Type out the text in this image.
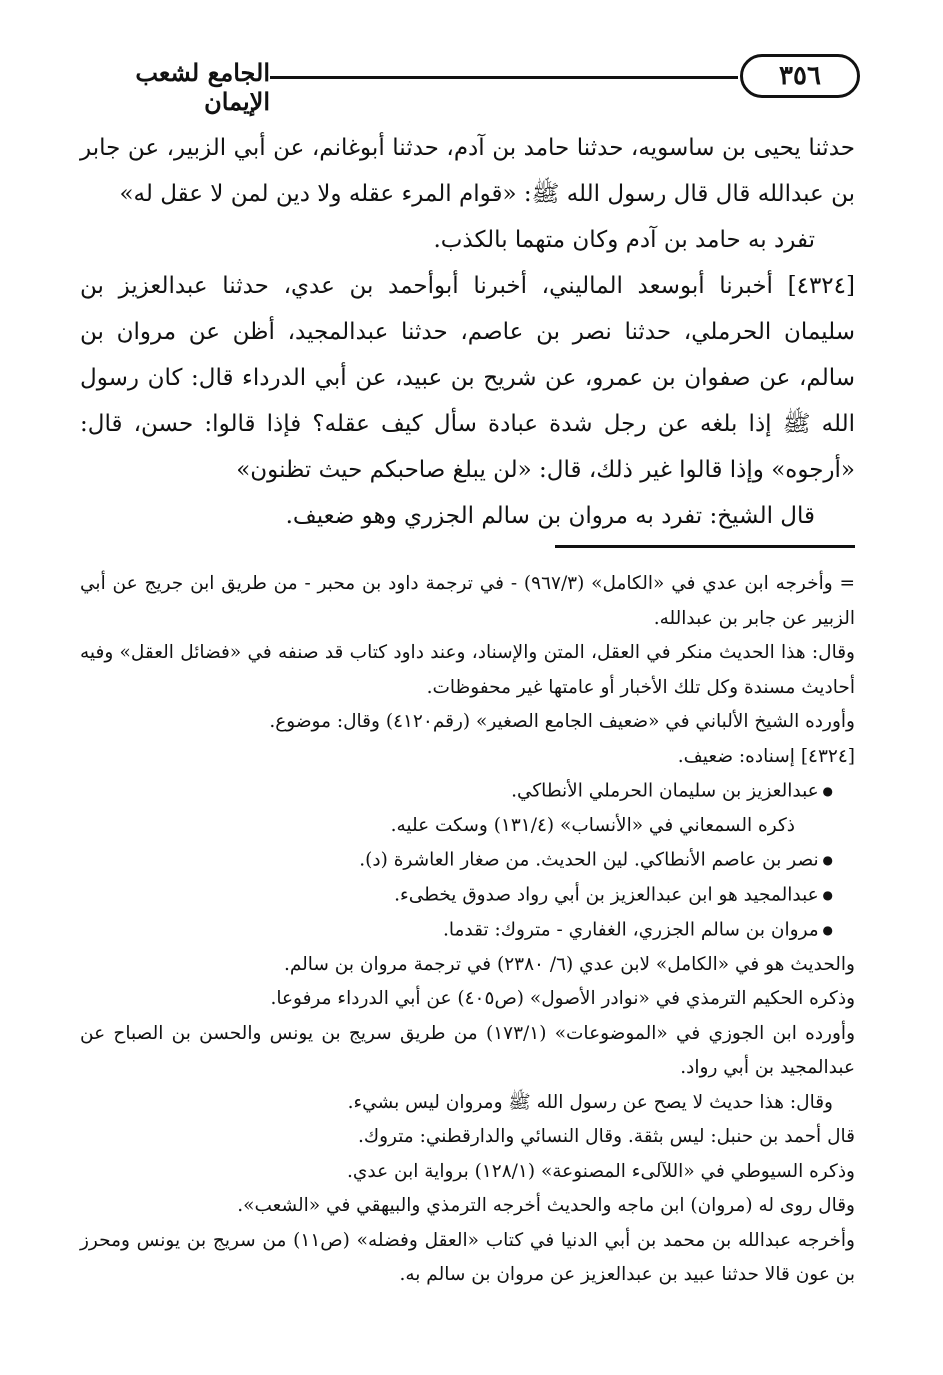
٣٥٦
الجامع لشعب الإيمان

حدثنا يحيى بن ساسويه، حدثنا حامد بن آدم، حدثنا أبوغانم، عن أبي الزبير، عن جابر بن عبدالله قال قال رسول الله ﷺ: «قوام المرء عقله ولا دين لمن لا عقل له»

تفرد به حامد بن آدم وكان متهما بالكذب.

[٤٣٢٤] أخبرنا أبوسعد الماليني، أخبرنا أبوأحمد بن عدي، حدثنا عبدالعزيز بن سليمان الحرملي، حدثنا نصر بن عاصم، حدثنا عبدالمجيد، أظن عن مروان بن سالم، عن صفوان بن عمرو، عن شريح بن عبيد، عن أبي الدرداء قال: كان رسول الله ﷺ إذا بلغه عن رجل شدة عبادة سأل كيف عقله؟ فإذا قالوا: حسن، قال: «أرجوه» وإذا قالوا غير ذلك، قال: «لن يبلغ صاحبكم حيث تظنون»

قال الشيخ: تفرد به مروان بن سالم الجزري وهو ضعيف.

= وأخرجه ابن عدي في «الكامل» (٩٦٧/٣) - في ترجمة داود بن محبر - من طريق ابن جريج عن أبي الزبير عن جابر بن عبدالله.

وقال: هذا الحديث منكر في العقل، المتن والإسناد، وعند داود كتاب قد صنفه في «فضائل العقل» وفيه أحاديث مسندة وكل تلك الأخبار أو عامتها غير محفوظات.

وأورده الشيخ الألباني في «ضعيف الجامع الصغير» (رقم٤١٢٠) وقال: موضوع.

[٤٣٢٤] إسناده: ضعيف.

● عبدالعزيز بن سليمان الحرملي الأنطاكي.

ذكره السمعاني في «الأنساب» (١٣١/٤) وسكت عليه.

● نصر بن عاصم الأنطاكي. لين الحديث. من صغار العاشرة (د).

● عبدالمجيد هو ابن عبدالعزيز بن أبي رواد صدوق يخطىء.

● مروان بن سالم الجزري، الغفاري - متروك: تقدما.

والحديث هو في «الكامل» لابن عدي (٦/ ٢٣٨٠) في ترجمة مروان بن سالم.

وذكره الحكيم الترمذي في «نوادر الأصول» (ص٤٠٥) عن أبي الدرداء مرفوعا.

وأورده ابن الجوزي في «الموضوعات» (١٧٣/١) من طريق سريج بن يونس والحسن بن الصباح عن عبدالمجيد بن أبي رواد.

وقال: هذا حديث لا يصح عن رسول الله ﷺ ومروان ليس بشيء.

قال أحمد بن حنبل: ليس بثقة. وقال النسائي والدارقطني: متروك.

وذكره السيوطي في «اللآلىء المصنوعة» (١٢٨/١) برواية ابن عدي.

وقال روى له (مروان) ابن ماجه والحديث أخرجه الترمذي والبيهقي في «الشعب».

وأخرجه عبدالله بن محمد بن أبي الدنيا في كتاب «العقل وفضله» (ص١١) من سريج بن يونس ومحرز بن عون قالا حدثنا عبيد بن عبدالعزيز عن مروان بن سالم به.
